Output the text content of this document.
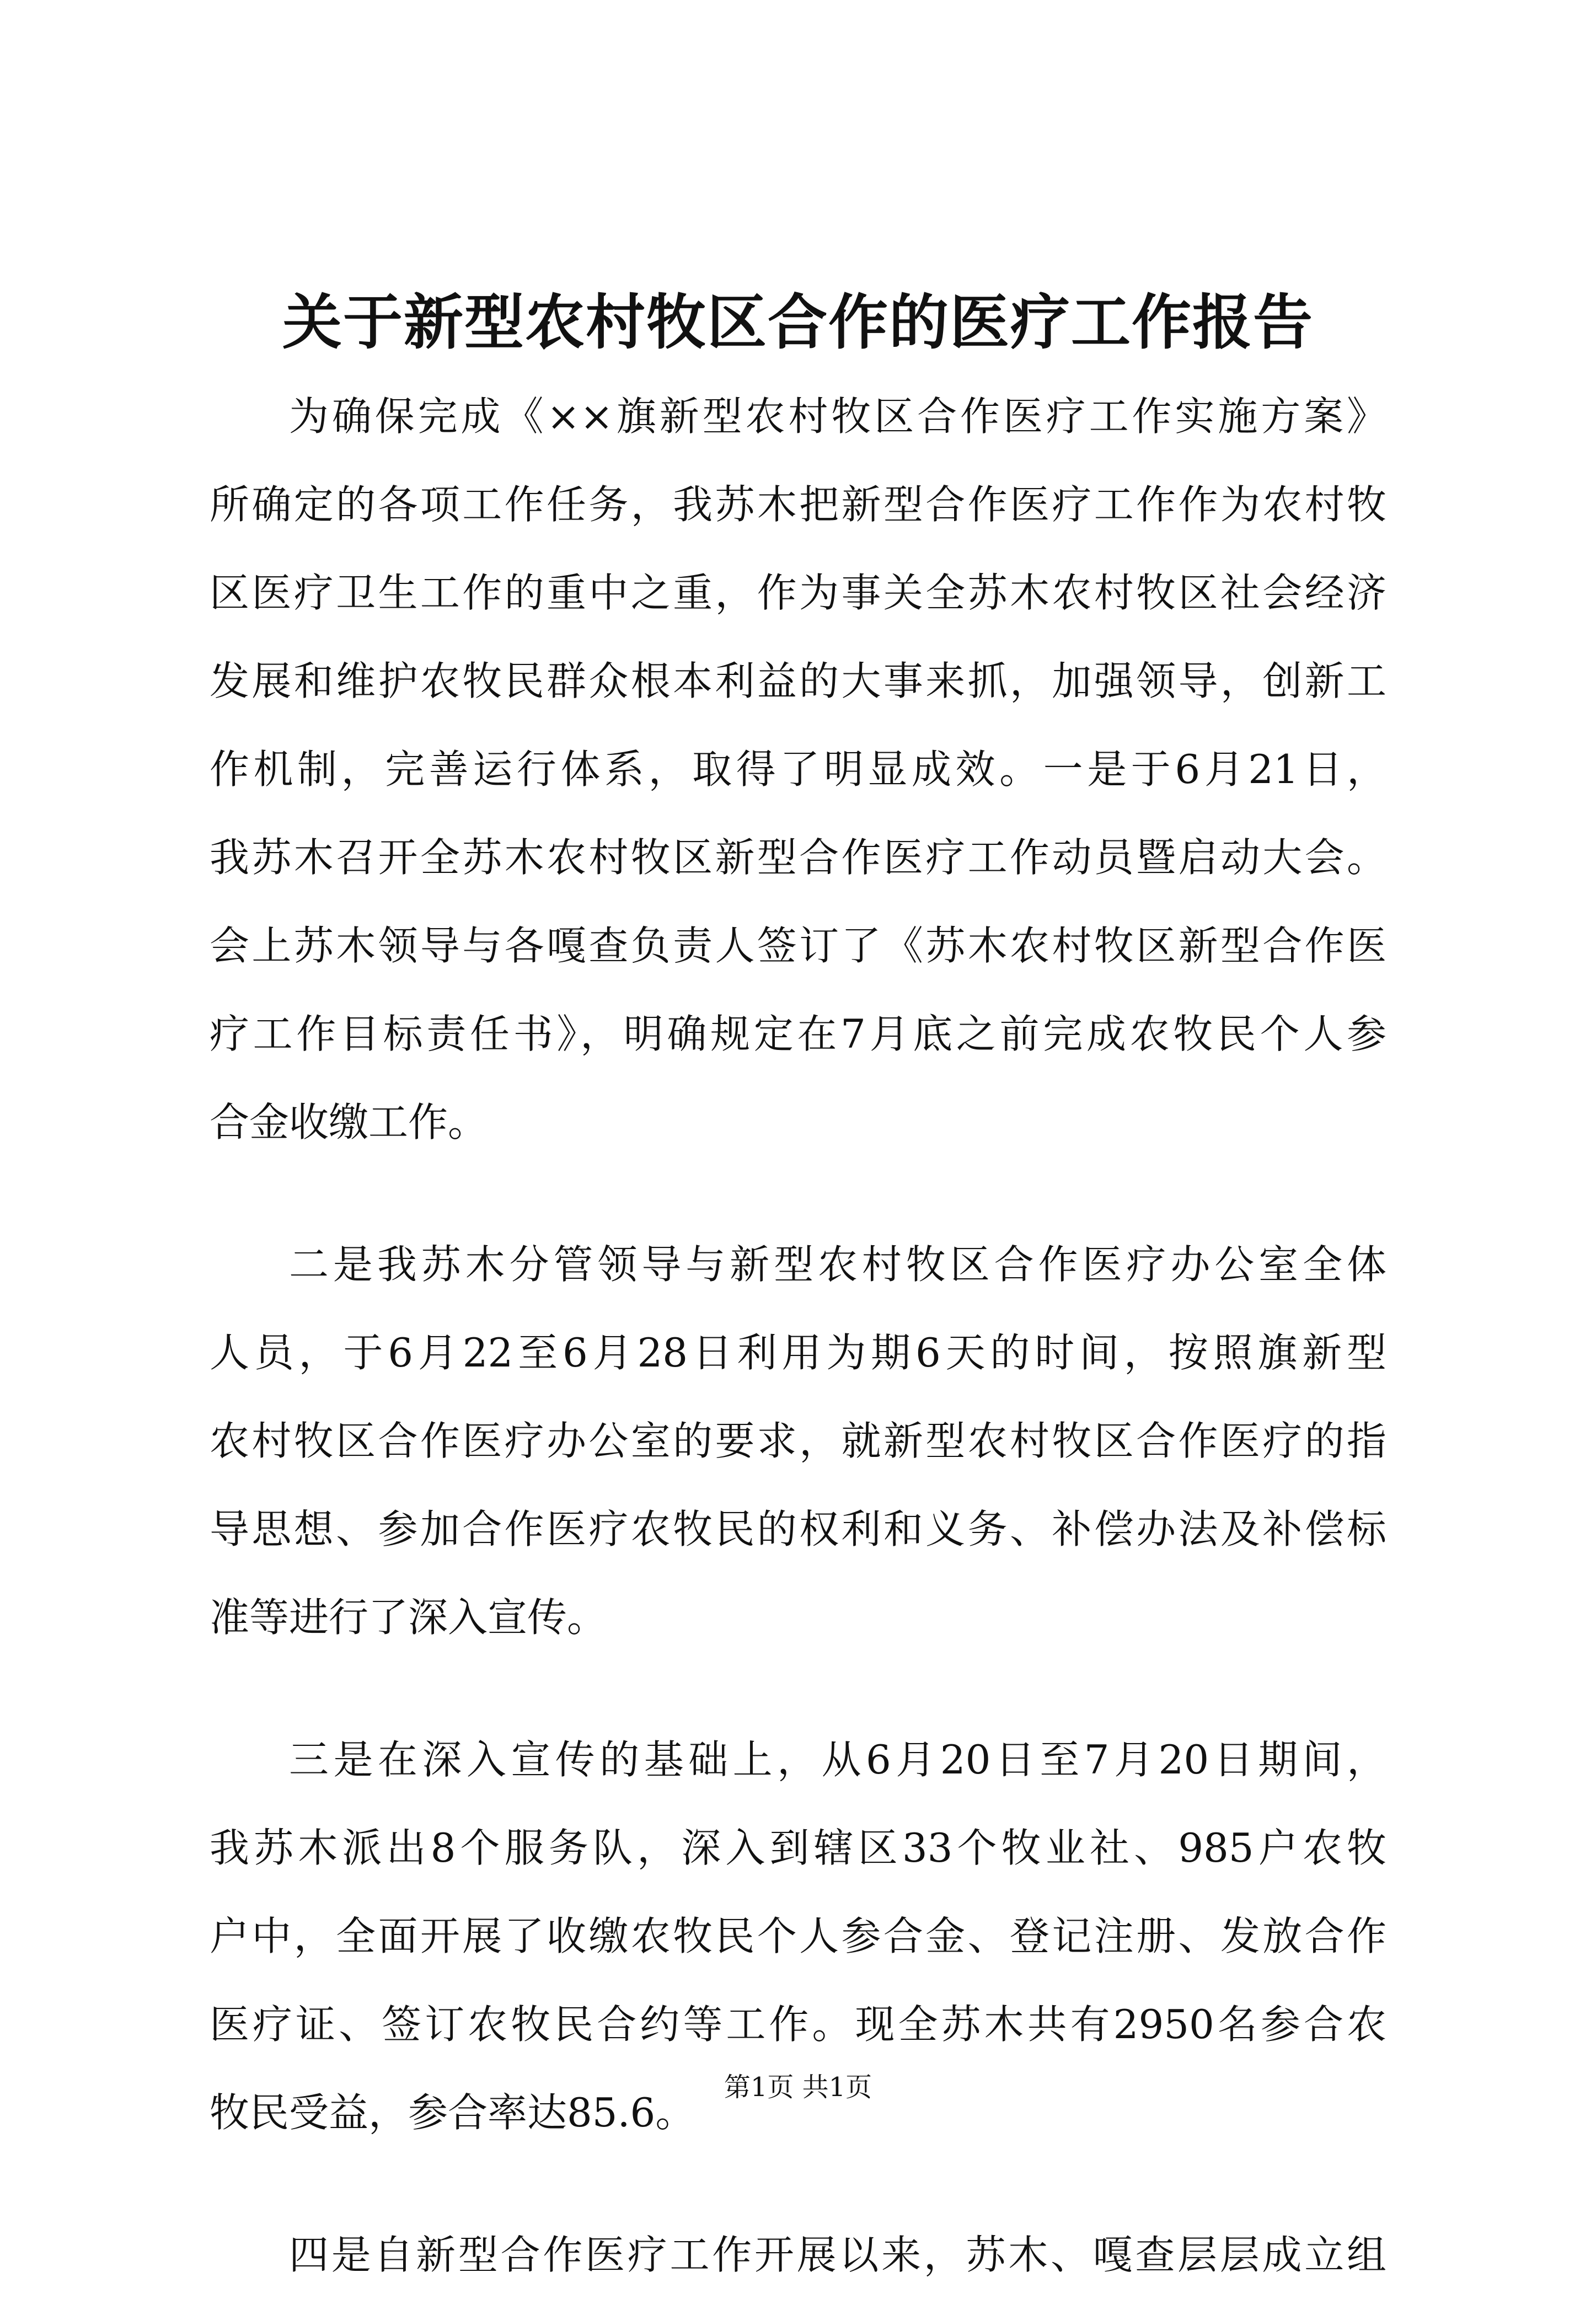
关于新型农村牧区合作的医疗工作报告
为确保完成《××旗新型农村牧区合作医疗工作实施方案》
所确定的各项工作任务，我苏木把新型合作医疗工作作为农村牧
区医疗卫生工作的重中之重，作为事关全苏木农村牧区社会经济
发展和维护农牧民群众根本利益的大事来抓，加强领导，创新工
作机制，完善运行体系，取得了明显成效。一是于6月21日，
我苏木召开全苏木农村牧区新型合作医疗工作动员暨启动大会。
会上苏木领导与各嘎查负责人签订了《苏木农村牧区新型合作医
疗工作目标责任书》，明确规定在7月底之前完成农牧民个人参
合金收缴工作。
二是我苏木分管领导与新型农村牧区合作医疗办公室全体
人员，于6月22至6月28日利用为期6天的时间，按照旗新型
农村牧区合作医疗办公室的要求，就新型农村牧区合作医疗的指
导思想、参加合作医疗农牧民的权利和义务、补偿办法及补偿标
准等进行了深入宣传。
三是在深入宣传的基础上，从6月20日至7月20日期间，
我苏木派出8个服务队，深入到辖区33个牧业社、985户农牧
户中，全面开展了收缴农牧民个人参合金、登记注册、发放合作
医疗证、签订农牧民合约等工作。现全苏木共有2950名参合农
牧民受益，参合率达85.6。
四是自新型合作医疗工作开展以来，苏木、嘎查层层成立组
第1页 共1页
